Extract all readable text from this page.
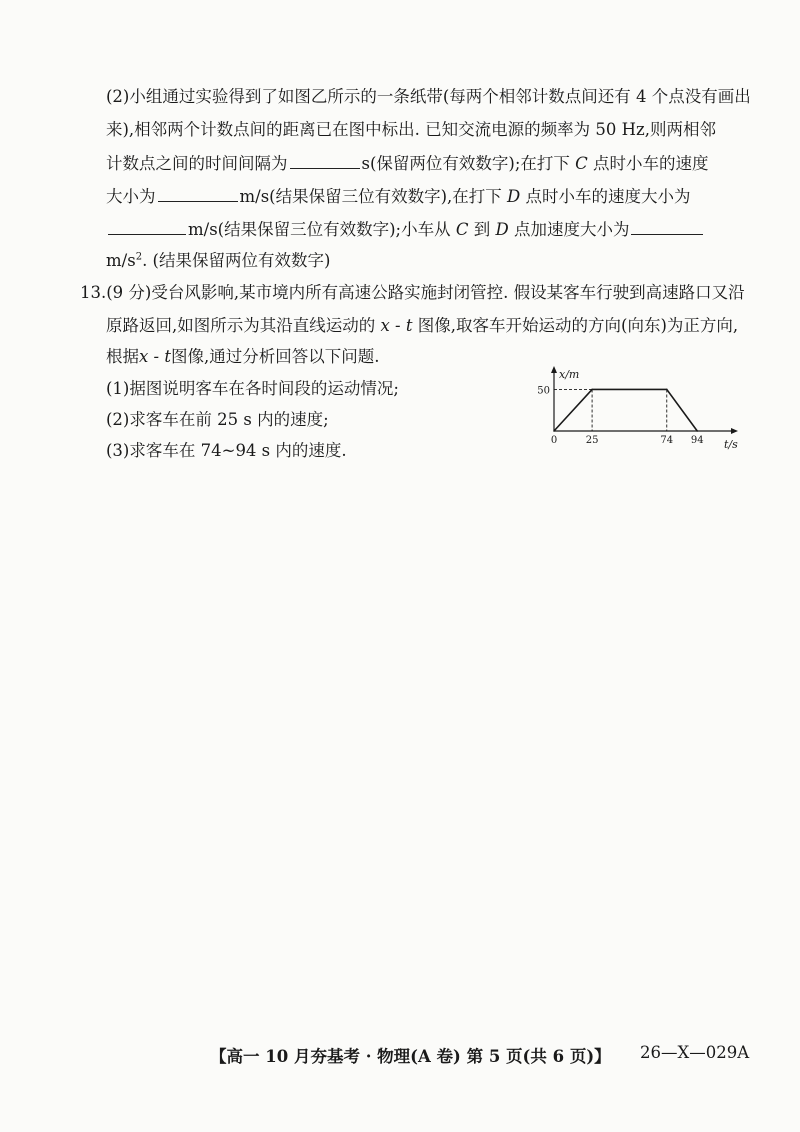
(2)小组通过实验得到了如图乙所示的一条纸带(每两个相邻计数点间还有 4 个点没有画出
来),相邻两个计数点间的距离已在图中标出. 已知交流电源的频率为 50 Hz,则两相邻
计数点之间的时间间隔为	s(保留两位有效数字);在打下 C 点时小车的速度
大小为	m/s(结果保留三位有效数字),在打下 D 点时小车的速度大小为
m/s(结果保留三位有效数字);小车从 C 到 D 点加速度大小为
$m/s^2$. (结果保留两位有效数字)
13.(9 分)受台风影响,某市境内所有高速公路实施封闭管控. 假设某客车行驶到高速路口又沿
原路返回,如图所示为其沿直线运动的 x - t 图像,取客车开始运动的方向(向东)为正方向,
根据x - t图像,通过分析回答以下问题.
(1)据图说明客车在各时间段的运动情况;
(2)求客车在前 25 s 内的速度;
(3)求客车在 74~94 s 内的速度.
x/m
t/s
50
0	25	74 94
【高一 10 月夯基考 · 物理(A 卷) 第 5 页(共 6 页)】 26—X—029A
